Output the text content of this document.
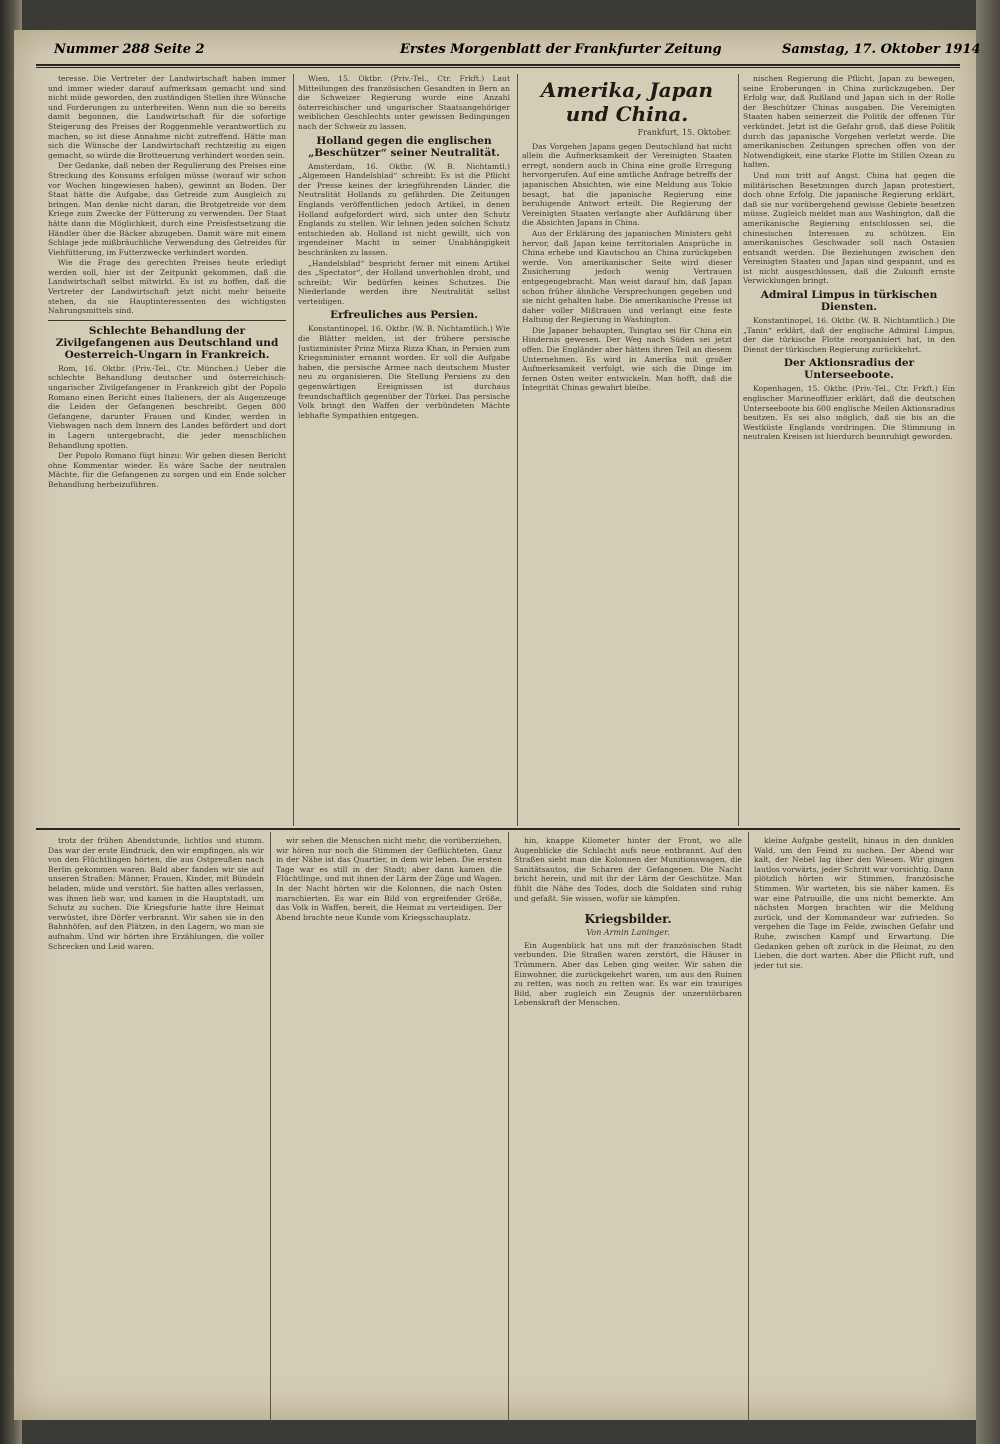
Nummer 288 Seite 2	Erstes Morgenblatt der Frankfurter Zeitung	Samstag, 17. Oktober 1914

teresse. Die Vertreter der Landwirtschaft haben immer und immer wieder darauf aufmerksam gemacht und sind nicht müde geworden, den zuständigen Stellen ihre Wünsche und Forderungen zu unterbreiten. Wenn nun die so bereits damit begonnen, die Landwirtschaft für die sofortige Steigerung des Preises der Roggenmehle verantwortlich zu machen, so ist diese Annahme nicht zutreffend. Hätte man sich die Wünsche der Landwirtschaft rechtzeitig zu eigen gemacht, so würde die Brotteuerung verhindert worden sein.

Der Gedanke, daß neben der Regulierung des Preises eine Streckung des Konsums erfolgen müsse (worauf wir schon vor Wochen hingewiesen haben), gewinnt an Boden. Der Staat hätte die Aufgabe, das Getreide zum Ausgleich zu bringen. Man denke nicht daran, die Brotgetreide vor dem Kriege zum Zwecke der Fütterung zu verwenden. Der Staat hätte dann die Möglichkeit, durch eine Preisfestsetzung die Händler über die Bäcker abzugeben. Damit wäre mit einem Schlage jede mißbräuchliche Verwendung des Getreides für Viehfütterung, im Futterzwecke verhindert worden.

Wie die Frage des gerechten Preises heute erledigt werden soll, hier ist der Zeitpunkt gekommen, daß die Landwirtschaft selbst mitwirkt. Es ist zu hoffen, daß die Vertreter der Landwirtschaft jetzt nicht mehr beiseite stehen, da sie Hauptinteressenten des wichtigsten Nahrungsmittels sind.

Schlechte Behandlung der Zivilgefangenen aus Deutschland und Oesterreich-Ungarn in Frankreich.

Rom, 16. Oktbr. (Priv.-Tel., Ctr. München.) Ueber die schlechte Behandlung deutscher und österreichisch-ungarischer Zivilgefangener in Frankreich gibt der Popolo Romano einen Bericht eines Italieners, der als Augenzeuge die Leiden der Gefangenen beschreibt. Gegen 800 Gefangene, darunter Frauen und Kinder, werden in Viehwagen nach dem Innern des Landes befördert und dort in Lagern untergebracht, die jeder menschlichen Behandlung spotten.

Der Popolo Romano fügt hinzu: Wir geben diesen Bericht ohne Kommentar wieder. Es wäre Sache der neutralen Mächte, für die Gefangenen zu sorgen und ein Ende solcher Behandlung herbeizuführen.

Wien, 15. Oktbr. (Priv.-Tel., Ctr. Frkft.) Laut Mitteilungen des französischen Gesandten in Bern an die Schweizer Regierung wurde eine Anzahl österreichischer und ungarischer Staatsangehöriger weiblichen Geschlechts unter gewissen Bedingungen nach der Schweiz zu lassen.

Holland gegen die englischen „Beschützer“ seiner Neutralität.

Amsterdam, 16. Oktbr. (W. B. Nichtamtl.) „Algemeen Handelsblad“ schreibt: Es ist die Pflicht der Presse keines der kriegführenden Länder, die Neutralität Hollands zu gefährden. Die Zeitungen Englands veröffentlichen jedoch Artikel, in denen Holland aufgefordert wird, sich unter den Schutz Englands zu stellen. Wir lehnen jeden solchen Schutz entschieden ab. Holland ist nicht gewillt, sich von irgendeiner Macht in seiner Unabhängigkeit beschränken zu lassen.

„Handelsblad“ bespricht ferner mit einem Artikel des „Spectator“, der Holland unverhohlen droht, und schreibt: Wir bedürfen keines Schutzes. Die Niederlande werden ihre Neutralität selbst verteidigen.

Erfreuliches aus Persien.

Konstantinopel, 16. Oktbr. (W. B. Nichtamtlich.) Wie die Blätter melden, ist der frühere persische Justizminister Prinz Mirza Rizza Khan, in Persien zum Kriegsminister ernannt worden. Er soll die Aufgabe haben, die persische Armee nach deutschem Muster neu zu organisieren. Die Stellung Persiens zu den gegenwärtigen Ereignissen ist durchaus freundschaftlich gegenüber der Türkei. Das persische Volk bringt den Waffen der verbündeten Mächte lebhafte Sympathien entgegen.

Amerika, Japan und China.
Frankfurt, 15. Oktober.

Das Vorgehen Japans gegen Deutschland hat nicht allein die Aufmerksamkeit der Vereinigten Staaten erregt, sondern auch in China eine große Erregung hervorgerufen. Auf eine amtliche Anfrage betreffs der japanischen Absichten, wie eine Meldung aus Tokio besagt, hat die japanische Regierung eine beruhigende Antwort erteilt. Die Regierung der Vereinigten Staaten verlangte aber Aufklärung über die Absichten Japans in China.

Aus der Erklärung des japanischen Ministers geht hervor, daß Japan keine territorialen Ansprüche in China erhebe und Kiautschou an China zurückgeben werde. Von amerikanischer Seite wird dieser Zusicherung jedoch wenig Vertrauen entgegengebracht. Man weist darauf hin, daß Japan schon früher ähnliche Versprechungen gegeben und sie nicht gehalten habe. Die amerikanische Presse ist daher voller Mißtrauen und verlangt eine feste Haltung der Regierung in Washington.

Die Japaner behaupten, Tsingtau sei für China ein Hindernis gewesen. Der Weg nach Süden sei jetzt offen. Die Engländer aber hätten ihren Teil an diesem Unternehmen. Es wird in Amerika mit großer Aufmerksamkeit verfolgt, wie sich die Dinge im fernen Osten weiter entwickeln. Man hofft, daß die Integrität Chinas gewahrt bleibe.

nischen Regierung die Pflicht, Japan zu bewegen, seine Eroberungen in China zurückzugeben. Der Erfolg war, daß Rußland und Japan sich in der Rolle der Beschützer Chinas ausgaben. Die Vereinigten Staaten haben seinerzeit die Politik der offenen Tür verkündet. Jetzt ist die Gefahr groß, daß diese Politik durch das japanische Vorgehen verletzt werde. Die amerikanischen Zeitungen sprechen offen von der Notwendigkeit, eine starke Flotte im Stillen Ozean zu halten.

Und nun tritt auf Angst. China hat gegen die militärischen Besetzungen durch Japan protestiert, doch ohne Erfolg. Die japanische Regierung erklärt, daß sie nur vorübergehend gewisse Gebiete besetzen müsse. Zugleich meldet man aus Washington, daß die amerikanische Regierung entschlossen sei, die chinesischen Interessen zu schützen. Ein amerikanisches Geschwader soll nach Ostasien entsandt werden. Die Beziehungen zwischen den Vereinigten Staaten und Japan sind gespannt, und es ist nicht ausgeschlossen, daß die Zukunft ernste Verwicklungen bringt.

Admiral Limpus in türkischen Diensten.

Konstantinopel, 16. Oktbr. (W. B. Nichtamtlich.) Die „Tanin“ erklärt, daß der englische Admiral Limpus, der die türkische Flotte reorganisiert hat, in den Dienst der türkischen Regierung zurückkehrt.

Der Aktionsradius der Unterseeboote.

Kopenhagen, 15. Oktbr. (Priv.-Tel., Ctr. Frkft.) Ein englischer Marineoffizier erklärt, daß die deutschen Unterseeboote bis 600 englische Meilen Aktionsradius besitzen. Es sei also möglich, daß sie bis an die Westküste Englands vordringen. Die Stimmung in neutralen Kreisen ist hierdurch beunruhigt geworden.

trotz der frühen Abendstunde, lichtlos und stumm. Das war der erste Eindruck, den wir empfingen, als wir von den Flüchtlingen hörten, die aus Ostpreußen nach Berlin gekommen waren. Bald aber fanden wir sie auf unseren Straßen: Männer, Frauen, Kinder, mit Bündeln beladen, müde und verstört. Sie hatten alles verlassen, was ihnen lieb war, und kamen in die Hauptstadt, um Schutz zu suchen. Die Kriegsfurie hatte ihre Heimat verwüstet, ihre Dörfer verbrannt. Wir sahen sie in den Bahnhöfen, auf den Plätzen, in den Lagern, wo man sie aufnahm. Und wir hörten ihre Erzählungen, die voller Schrecken und Leid waren.

wir sehen die Menschen nicht mehr, die vorüberziehen, wir hören nur noch die Stimmen der Geflüchteten. Ganz in der Nähe ist das Quartier, in dem wir leben. Die ersten Tage war es still in der Stadt; aber dann kamen die Flüchtlinge, und mit ihnen der Lärm der Züge und Wagen. In der Nacht hörten wir die Kolonnen, die nach Osten marschierten. Es war ein Bild von ergreifender Größe, das Volk in Waffen, bereit, die Heimat zu verteidigen. Der Abend brachte neue Kunde vom Kriegsschauplatz.

hin, knappe Kilometer hinter der Front, wo alle Augenblicke die Schlacht aufs neue entbrannt. Auf den Straßen sieht man die Kolonnen der Munitionswagen, die Sanitätsautos, die Scharen der Gefangenen. Die Nacht bricht herein, und mit ihr der Lärm der Geschütze. Man fühlt die Nähe des Todes, doch die Soldaten sind ruhig und gefaßt. Sie wissen, wofür sie kämpfen.

Kriegsbilder.
Von Armin Laninger.

Ein Augenblick hat uns mit der französischen Stadt verbunden. Die Straßen waren zerstört, die Häuser in Trümmern. Aber das Leben ging weiter. Wir sahen die Einwohner, die zurückgekehrt waren, um aus den Ruinen zu retten, was noch zu retten war. Es war ein trauriges Bild, aber zugleich ein Zeugnis der unzerstörbaren Lebenskraft der Menschen.

kleine Aufgabe gestellt, hinaus in den dunklen Wald, um den Feind zu suchen. Der Abend war kalt, der Nebel lag über den Wiesen. Wir gingen lautlos vorwärts, jeder Schritt war vorsichtig. Dann plötzlich hörten wir Stimmen, französische Stimmen. Wir warteten, bis sie näher kamen. Es war eine Patrouille, die uns nicht bemerkte. Am nächsten Morgen brachten wir die Meldung zurück, und der Kommandeur war zufrieden. So vergehen die Tage im Felde, zwischen Gefahr und Ruhe, zwischen Kampf und Erwartung. Die Gedanken gehen oft zurück in die Heimat, zu den Lieben, die dort warten. Aber die Pflicht ruft, und jeder tut sie.
